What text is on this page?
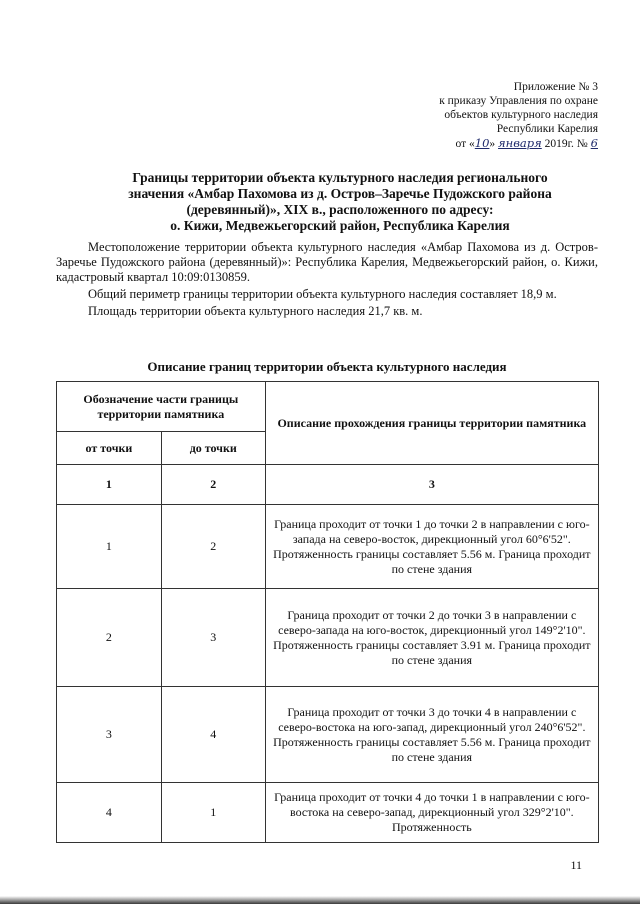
Приложение № 3
к приказу Управления по охране
объектов культурного наследия
Республики Карелия
от «10» января 2019г. № 6
Границы территории объекта культурного наследия регионального
значения «Амбар Пахомова из д. Остров–Заречье Пудожского района
(деревянный)», XIX в., расположенного по адресу:
о. Кижи, Медвежьегорский район, Республика Карелия

Местоположение территории объекта культурного наследия «Амбар Пахомова из д. Остров-Заречье Пудожского района (деревянный)»: Республика Карелия, Медвежьегорский район, о. Кижи, кадастровый квартал 10:09:0130859.

Общий периметр границы территории объекта культурного наследия составляет 18,9 м.

Площадь территории объекта культурного наследия 21,7 кв. м.

Описание границ территории объекта культурного наследия
Обозначение части границы территории памятника		Описание прохождения границы территории памятника
от точки	до точки	
1	2	3
1	2	Граница проходит от точки 1 до точки 2 в направлении с юго-запада на северо-восток, дирекционный угол 60°6'52". Протяженность границы составляет 5.56 м. Граница проходит по стене здания
2	3	Граница проходит от точки 2 до точки 3 в направлении с северо-запада на юго-восток, дирекционный угол 149°2'10". Протяженность границы составляет 3.91 м. Граница проходит по стене здания
3	4	Граница проходит от точки 3 до точки 4 в направлении с северо-востока на юго-запад, дирекционный угол 240°6'52". Протяженность границы составляет 5.56 м. Граница проходит по стене здания
4	1	Граница проходит от точки 4 до точки 1 в направлении с юго-востока на северо-запад, дирекционный угол 329°2'10". Протяженность
11
